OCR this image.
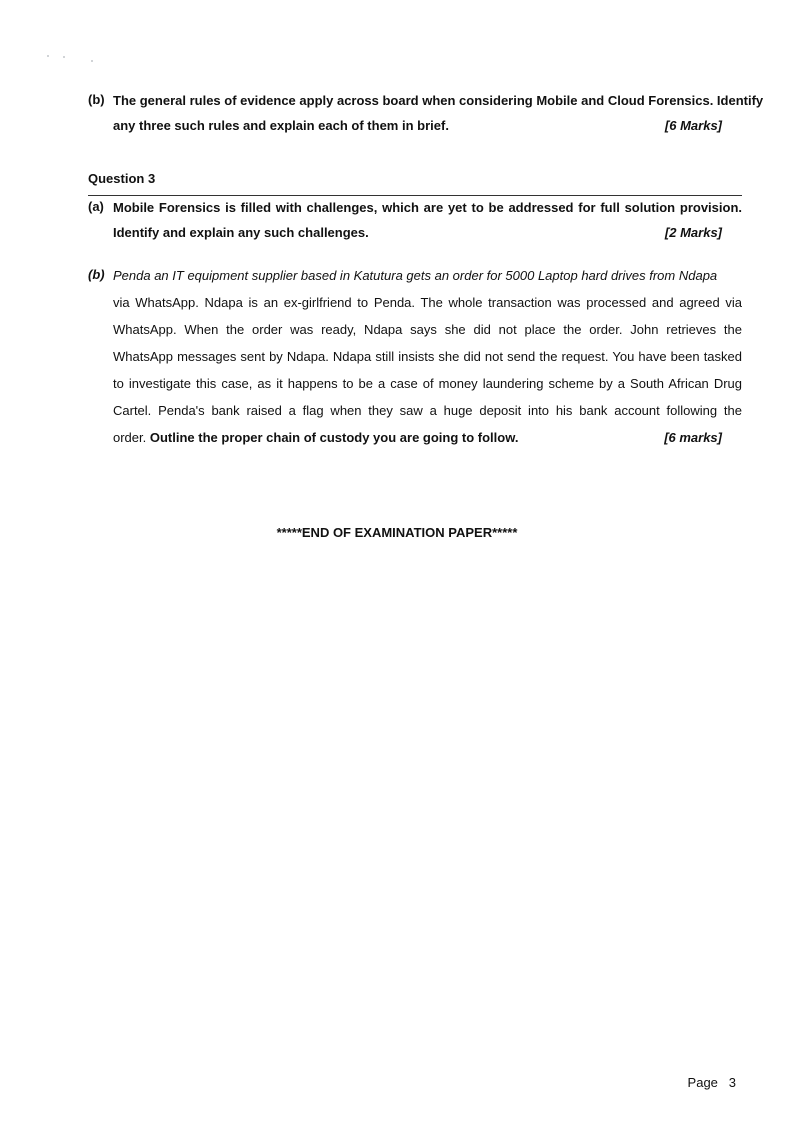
(b) The general rules of evidence apply across board when considering Mobile and Cloud Forensics. Identify
any three such rules and explain each of them in brief.	[6 Marks]
Question 3
(a) Mobile Forensics is filled with challenges, which are yet to be addressed for full solution provision.
Identify and explain any such challenges.	[2 Marks]
(b) Penda an IT equipment supplier based in Katutura gets an order for 5000 Laptop hard drives from Ndapa
via WhatsApp. Ndapa is an ex-girlfriend to Penda. The whole transaction was processed and agreed via
WhatsApp. When the order was ready, Ndapa says she did not place the order. John retrieves the
WhatsApp messages sent by Ndapa. Ndapa still insists she did not send the request. You have been tasked
to investigate this case, as it happens to be a case of money laundering scheme by a South African Drug
Cartel. Penda's bank raised a flag when they saw a huge deposit into his bank account following the
order. Outline the proper chain of custody you are going to follow.	[6 marks]
*****END OF EXAMINATION PAPER*****
Page 3
